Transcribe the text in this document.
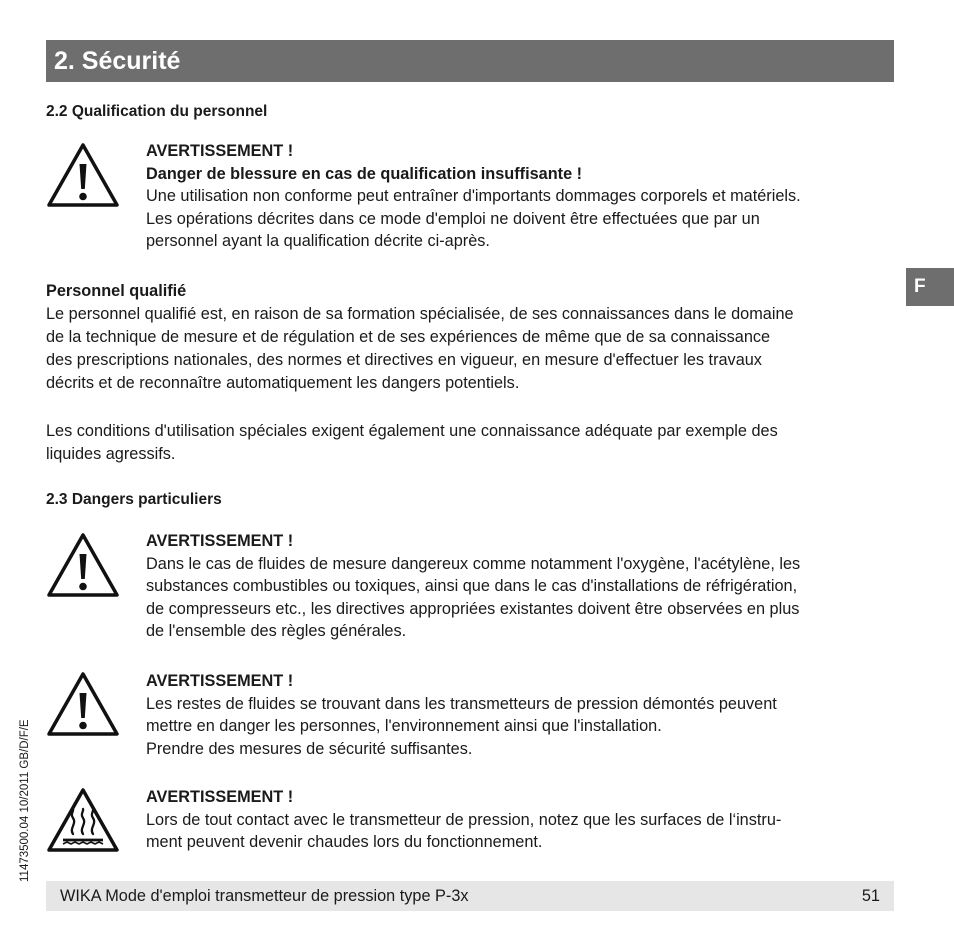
2. Sécurité
F
2.2 Qualification du personnel
AVERTISSEMENT !
Danger de blessure en cas de qualification insuffisante !
Une utilisation non conforme peut entraîner d'importants dommages corporels et matériels.
Les opérations décrites dans ce mode d'emploi ne doivent être effectuées que par un
personnel ayant la qualification décrite ci-après.
Personnel qualifié
Le personnel qualifié est, en raison de sa formation spécialisée, de ses connaissances dans le domaine
de la technique de mesure et de régulation et de ses expériences de même que de sa connaissance
des prescriptions nationales, des normes et directives en vigueur, en mesure d'effectuer les travaux
décrits et de reconnaître automatiquement les dangers potentiels.
Les conditions d'utilisation spéciales exigent également une connaissance adéquate par exemple des
liquides agressifs.
2.3 Dangers particuliers
AVERTISSEMENT !
Dans le cas de fluides de mesure dangereux comme notamment l'oxygène, l'acétylène, les
substances combustibles ou toxiques, ainsi que dans le cas d'installations de réfrigération,
de compresseurs etc., les directives appropriées existantes doivent être observées en plus
de l'ensemble des règles générales.
AVERTISSEMENT !
Les restes de fluides se trouvant dans les transmetteurs de pression démontés peuvent
mettre en danger les personnes, l'environnement ainsi que l'installation.
Prendre des mesures de sécurité suffisantes.
AVERTISSEMENT !
Lors de tout contact avec le transmetteur de pression, notez que les surfaces de l‘instru-
ment peuvent devenir chaudes lors du fonctionnement.
11473500.04 10/2011 GB/D/F/E
WIKA Mode d'emploi transmetteur de pression type P-3x	51
